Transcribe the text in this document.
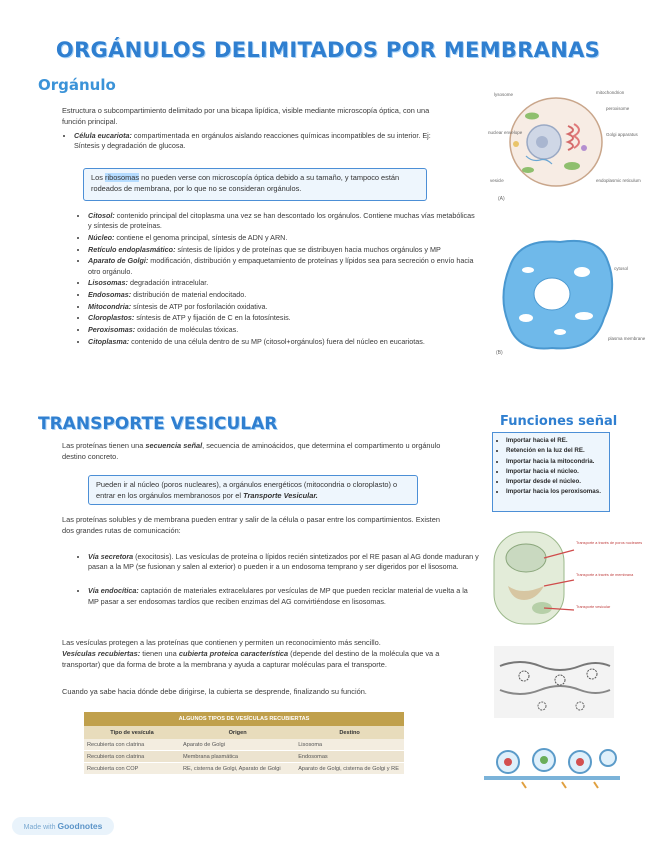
ORGÁNULOS DELIMITADOS POR MEMBRANAS
Orgánulo
Estructura o subcompartimiento delimitado por una bicapa lipídica, visible mediante microscopía óptica, con una función principal.
• Célula eucariota: compartimentada en orgánulos aislando reacciones químicas incompatibles de su interior. Ej: Síntesis y degradación de glucosa.
Los ribosomas no pueden verse con microscopía óptica debido a su tamaño, y tampoco están rodeados de membrana, por lo que no se consideran orgánulos.
• Citosol: contenido principal del citoplasma una vez se han descontado los orgánulos. Contiene muchas vías metabólicas y síntesis de proteínas.
• Núcleo: contiene el genoma principal, síntesis de ADN y ARN.
• Retículo endoplasmático: síntesis de lípidos y de proteínas que se distribuyen hacia muchos orgánulos y MP
• Aparato de Golgi: modificación, distribución y empaquetamiento de proteínas y lípidos sea para secreción o envío hacia otro orgánulo.
• Lisosomas: degradación intracelular.
• Endosomas: distribución de material endocitado.
• Mitocondria: síntesis de ATP por fosforilación oxidativa.
• Cloroplastos: síntesis de ATP y fijación de C en la fotosíntesis.
• Peroxisomas: oxidación de moléculas tóxicas.
• Citoplasma: contenido de una célula dentro de su MP (citosol+orgánulos) fuera del núcleo en eucariotas.
lysosome	mitochondrion
peroxisome
nuclear envelope	Golgi apparatus
vesicle	endoplasmic reticulum
(A)
cytosol
plasma membrane
(B)
TRANSPORTE VESICULAR
Las proteínas tienen una secuencia señal, secuencia de aminoácidos, que determina el compartimento u orgánulo destino concreto.
Pueden ir al núcleo (poros nucleares), a orgánulos energéticos (mitocondria o cloroplasto) o entrar en los orgánulos membranosos por el Transporte Vesicular.
Las proteínas solubles y de membrana pueden entrar y salir de la célula o pasar entre los compartimientos. Existen dos grandes rutas de comunicación:
• Vía secretora (exocitosis). Las vesículas de proteína o lípidos recién sintetizados por el RE pasan al AG donde maduran y pasan a la MP (se fusionan y salen al exterior) o pueden ir a un endosoma temprano y ser digeridos por el lisosoma.
• Vía endocítica: captación de materiales extracelulares por vesículas de MP que pueden reciclar material de vuelta a la MP pasar a ser endosomas tardíos que reciben enzimas del AG convirtiéndose en lisosomas.
Las vesículas protegen a las proteínas que contienen y permiten un reconocimiento más sencillo.
Vesículas recubiertas: tienen una cubierta proteica característica (depende del destino de la molécula que va a transportar) que da forma de brote a la membrana y ayuda a capturar moléculas para el transporte.
Cuando ya sabe hacia dónde debe dirigirse, la cubierta se desprende, finalizando su función.
Funciones señal
• Importar hacia el RE.
• Retención en la luz del RE.
• Importar hacia la mitocondria.
• Importar hacia el núcleo.
• Importar desde el núcleo.
• Importar hacia los peroxisomas.
Transporte a través de poros nucleares
Transporte a través de membrana
Transporte vesicular
ALGUNOS TIPOS DE VESÍCULAS RECUBIERTAS		
Tipo de vesícula	Origen	Destino
Recubierta con clatrina	Aparato de Golgi	Lisosoma
Recubierta con clatrina	Membrana plasmática	Endosomas
Recubierta con COP	RE, cisterna de Golgi, Aparato de Golgi	Aparato de Golgi, cisterna de Golgi y RE
Made with Goodnotes
